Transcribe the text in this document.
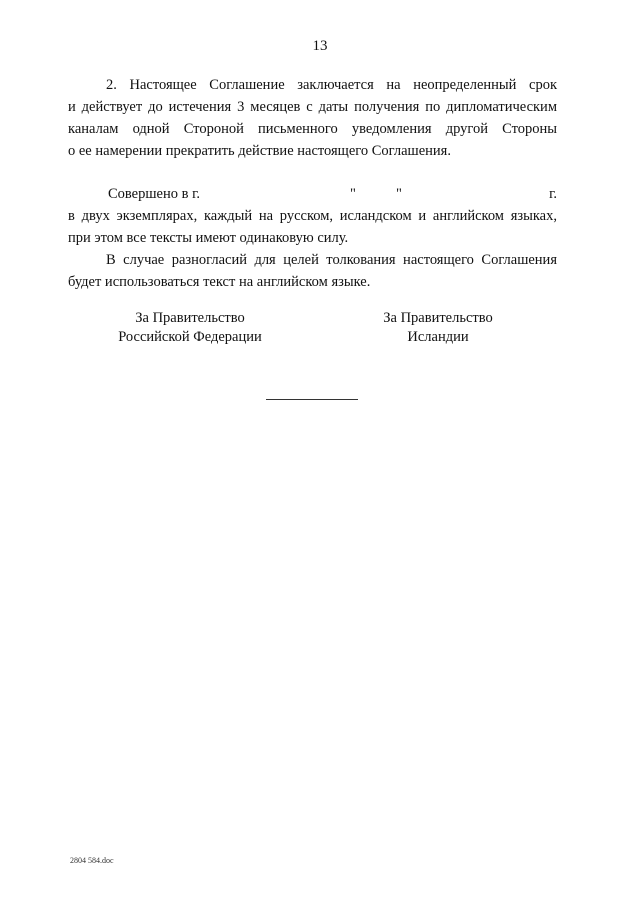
13
2. Настоящее Соглашение заключается на неопределенный срок
и действует до истечения 3 месяцев с даты получения по дипломатическим
каналам одной Стороной письменного уведомления другой Стороны
о ее намерении прекратить действие настоящего Соглашения.
Совершено в г.	"	"	г.
в двух экземплярах, каждый на русском, исландском и английском языках,
при этом все тексты имеют одинаковую силу.
В случае разногласий для целей толкования настоящего Соглашения
будет использоваться текст на английском языке.
За Правительство
Российской Федерации
За Правительство
Исландии
2804 584.doc
